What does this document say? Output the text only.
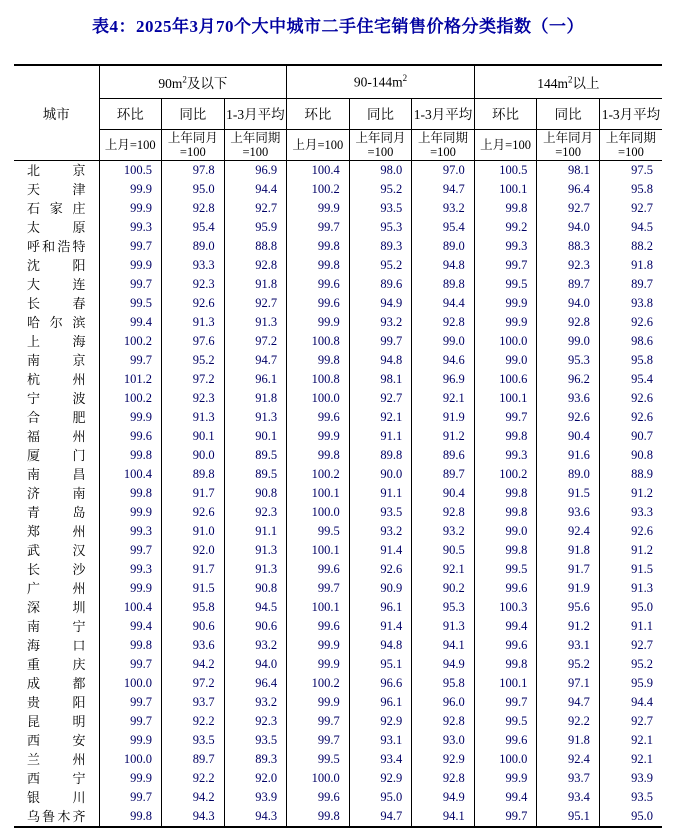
表4：2025年3月70个大中城市二手住宅销售价格分类指数（一）
城市	$90m^2$及以下			$90-144m^2$			$144m^2$以上		
	环比	同比	1-3月平均	环比	同比	1-3月平均	环比	同比	1-3月平均
	上月=100	上年同月=100	上年同期=100	上月=100	上年同月=100	上年同期=100	上月=100	上年同月=100	上年同期=100
北京	100.5	97.8	96.9	100.4	98.0	97.0	100.5	98.1	97.5
天津	99.9	95.0	94.4	100.2	95.2	94.7	100.1	96.4	95.8
石家庄	99.9	92.8	92.7	99.9	93.5	93.2	99.8	92.7	92.7
太原	99.3	95.4	95.9	99.7	95.3	95.4	99.2	94.0	94.5
呼和浩特	99.7	89.0	88.8	99.8	89.3	89.0	99.3	88.3	88.2
沈阳	99.9	93.3	92.8	99.8	95.2	94.8	99.7	92.3	91.8
大连	99.7	92.3	91.8	99.6	89.6	89.8	99.5	89.7	89.7
长春	99.5	92.6	92.7	99.6	94.9	94.4	99.9	94.0	93.8
哈尔滨	99.4	91.3	91.3	99.9	93.2	92.8	99.9	92.8	92.6
上海	100.2	97.6	97.2	100.8	99.7	99.0	100.0	99.0	98.6
南京	99.7	95.2	94.7	99.8	94.8	94.6	99.0	95.3	95.8
杭州	101.2	97.2	96.1	100.8	98.1	96.9	100.6	96.2	95.4
宁波	100.2	92.3	91.8	100.0	92.7	92.1	100.1	93.6	92.6
合肥	99.9	91.3	91.3	99.6	92.1	91.9	99.7	92.6	92.6
福州	99.6	90.1	90.1	99.9	91.1	91.2	99.8	90.4	90.7
厦门	99.8	90.0	89.5	99.8	89.8	89.6	99.3	91.6	90.8
南昌	100.4	89.8	89.5	100.2	90.0	89.7	100.2	89.0	88.9
济南	99.8	91.7	90.8	100.1	91.1	90.4	99.8	91.5	91.2
青岛	99.9	92.6	92.3	100.0	93.5	92.8	99.8	93.6	93.3
郑州	99.3	91.0	91.1	99.5	93.2	93.2	99.0	92.4	92.6
武汉	99.7	92.0	91.3	100.1	91.4	90.5	99.8	91.8	91.2
长沙	99.3	91.7	91.3	99.6	92.6	92.1	99.5	91.7	91.5
广州	99.9	91.5	90.8	99.7	90.9	90.2	99.6	91.9	91.3
深圳	100.4	95.8	94.5	100.1	96.1	95.3	100.3	95.6	95.0
南宁	99.4	90.6	90.6	99.6	91.4	91.3	99.4	91.2	91.1
海口	99.8	93.6	93.2	99.9	94.8	94.1	99.6	93.1	92.7
重庆	99.7	94.2	94.0	99.9	95.1	94.9	99.8	95.2	95.2
成都	100.0	97.2	96.4	100.2	96.6	95.8	100.1	97.1	95.9
贵阳	99.7	93.7	93.2	99.9	96.1	96.0	99.7	94.7	94.4
昆明	99.7	92.2	92.3	99.7	92.9	92.8	99.5	92.2	92.7
西安	99.9	93.5	93.5	99.7	93.1	93.0	99.6	91.8	92.1
兰州	100.0	89.7	89.3	99.5	93.4	92.9	100.0	92.4	92.1
西宁	99.9	92.2	92.0	100.0	92.9	92.8	99.9	93.7	93.9
银川	99.7	94.2	93.9	99.6	95.0	94.9	99.4	93.4	93.5
乌鲁木齐	99.8	94.3	94.3	99.8	94.7	94.1	99.7	95.1	95.0
